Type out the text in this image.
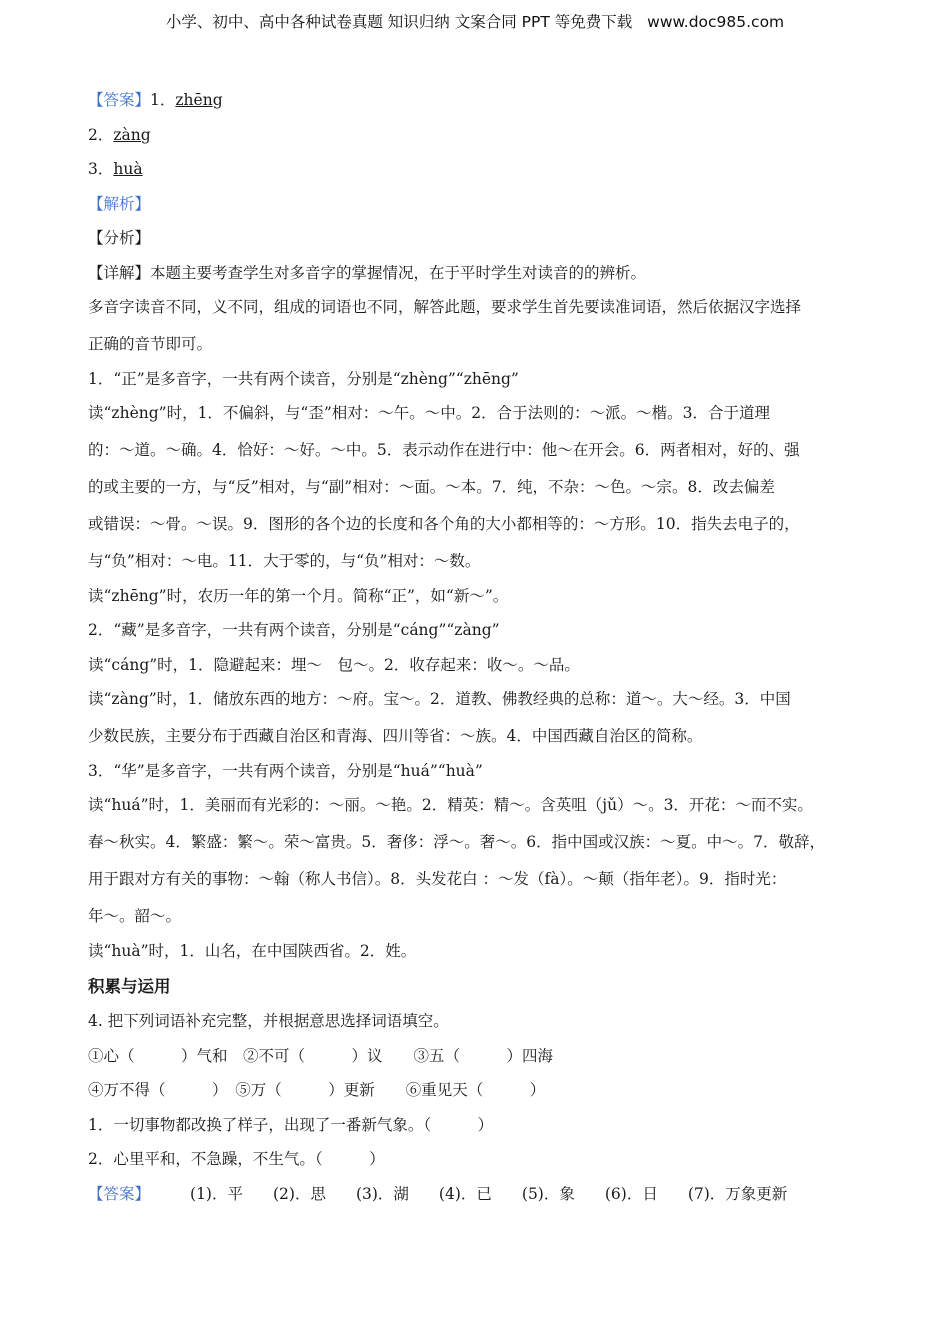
小学、初中、高中各种试卷真题 知识归纳 文案合同 PPT 等免费下载 www.doc985.com
【答案】1．zhēng
2．zàng
3．huà
【解析】
【分析】
【详解】本题主要考查学生对多音字的掌握情况，在于平时学生对读音的的辨析。
多音字读音不同，义不同，组成的词语也不同，解答此题，要求学生首先要读准词语，然后依据汉字选择
正确的音节即可。
1．“正”是多音字，一共有两个读音，分别是“zhèng”“zhēng”
读“zhèng”时，1．不偏斜，与“歪”相对：～午。～中。2．合于法则的：～派。～楷。3．合于道理
的：～道。～确。4．恰好：～好。～中。5．表示动作在进行中：他～在开会。6．两者相对，好的、强
的或主要的一方，与“反”相对，与“副”相对：～面。～本。7．纯，不杂：～色。～宗。8．改去偏差
或错误：～骨。～误。9．图形的各个边的长度和各个角的大小都相等的：～方形。10．指失去电子的，
与“负”相对：～电。11．大于零的，与“负”相对：～数。
读“zhēng”时，农历一年的第一个月。简称“正”，如“新～”。
2．“藏”是多音字，一共有两个读音，分别是“cáng”“zàng”
读“cáng”时，1．隐避起来：埋～　包～。2．收存起来：收～。～品。
读“zàng”时，1．储放东西的地方：～府。宝～。2．道教、佛教经典的总称：道～。大～经。3．中国
少数民族，主要分布于西藏自治区和青海、四川等省：～族。4．中国西藏自治区的简称。
3．“华”是多音字，一共有两个读音，分别是“huá”“huà”
读“huá”时，1．美丽而有光彩的：～丽。～艳。2．精英：精～。含英咀（jǔ）～。3．开花：～而不实。
春～秋实。4．繁盛：繁～。荣～富贵。5．奢侈：浮～。奢～。6．指中国或汉族：～夏。中～。7．敬辞，
用于跟对方有关的事物：～翰（称人书信）。8．头发花白 ：～发（fà）。～颠（指年老）。9．指时光：
年～。韶～。
读“huà”时，1．山名，在中国陕西省。2．姓。
积累与运用
4. 把下列词语补充完整，并根据意思选择词语填空。
①心（　　　）气和　②不可（　　　）议　　③五（　　　）四海
④万不得（　　　）　⑤万（　　　）更新　　⑥重见天（　　　）
1．一切事物都改换了样子，出现了一番新气象。（　　　）
2．心里平和，不急躁，不生气。（　　　）
【答案】	(1)．平 (2)．思 (3)．湖 (4)．已 (5)．象 (6)．日 (7)．万象更新
